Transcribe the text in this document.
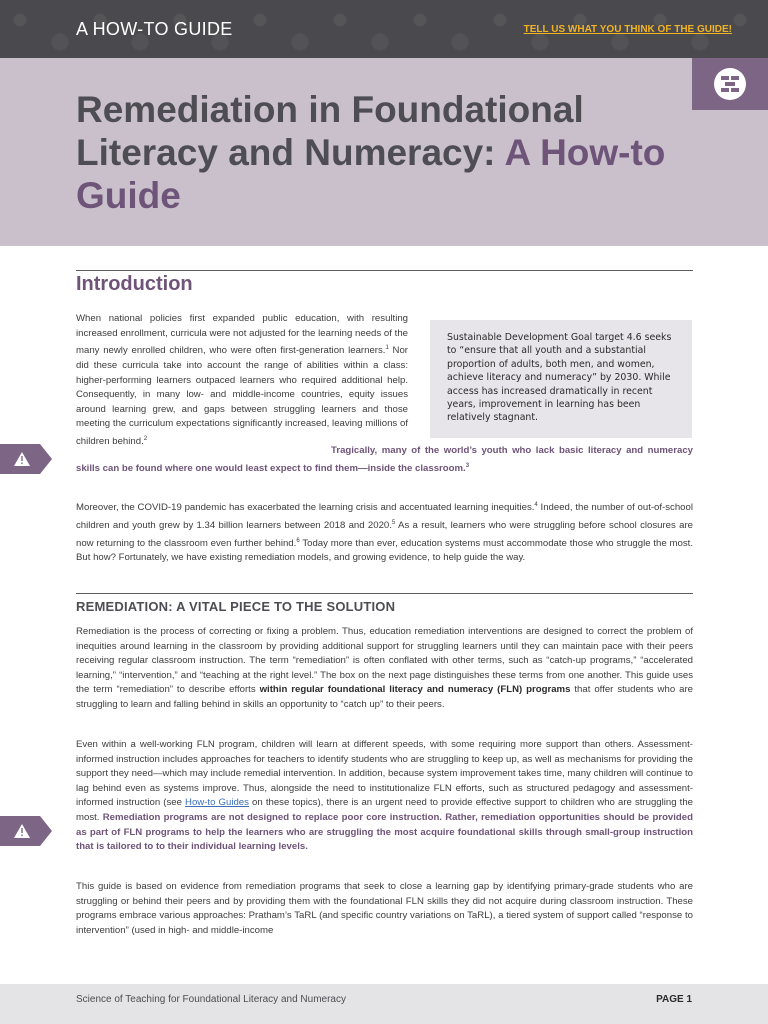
A HOW-TO GUIDE	TELL US WHAT YOU THINK OF THE GUIDE!
Remediation in Foundational Literacy and Numeracy: A How-to Guide
Introduction

When national policies first expanded public education, with resulting increased enrollment, curricula were not adjusted for the learning needs of the many newly enrolled children, who were often first-generation learners.$^1$ Nor did these curricula take into account the range of abilities within a class: higher-performing learners outpaced learners who required additional help. Consequently, in many low- and middle-income countries, equity issues around learning grew, and gaps between struggling learners and those meeting the curriculum expectations significantly increased, leaving millions of children behind.$^2$

Tragically, many of the world’s youth who lack basic literacy and numeracy skills can be found where one would least expect to find them—inside the classroom.$^3$

Sustainable Development Goal target 4.6 seeks to “ensure that all youth and a substantial proportion of adults, both men, and women, achieve literacy and numeracy” by 2030. While access has increased dramatically in recent years, improvement in learning has been relatively stagnant.

Moreover, the COVID-19 pandemic has exacerbated the learning crisis and accentuated learning inequities.$^4$ Indeed, the number of out-of-school children and youth grew by 1.34 billion learners between 2018 and 2020.$^5$ As a result, learners who were struggling before school closures are now returning to the classroom even further behind.$^6$ Today more than ever, education systems must accommodate those who struggle the most. But how? Fortunately, we have existing remediation models, and growing evidence, to help guide the way.

REMEDIATION: A VITAL PIECE TO THE SOLUTION

Remediation is the process of correcting or fixing a problem. Thus, education remediation interventions are designed to correct the problem of inequities around learning in the classroom by providing additional support for struggling learners until they can maintain pace with their peers receiving regular classroom instruction. The term “remediation” is often conflated with other terms, such as “catch-up programs,” “accelerated learning,” “intervention,” and “teaching at the right level.” The box on the next page distinguishes these terms from one another. This guide uses the term “remediation” to describe efforts within regular foundational literacy and numeracy (FLN) programs that offer students who are struggling to learn and falling behind in skills an opportunity to “catch up” to their peers.

Even within a well-working FLN program, children will learn at different speeds, with some requiring more support than others. Assessment-informed instruction includes approaches for teachers to identify students who are struggling to keep up, as well as mechanisms for providing the support they need—which may include remedial intervention. In addition, because system improvement takes time, many children will continue to lag behind even as systems improve. Thus, alongside the need to institutionalize FLN efforts, such as structured pedagogy and assessment-informed instruction (see How-to Guides on these topics), there is an urgent need to provide effective support to children who are struggling the most. Remediation programs are not designed to replace poor core instruction. Rather, remediation opportunities should be provided as part of FLN programs to help the learners who are struggling the most acquire foundational skills through small-group instruction that is tailored to to their individual learning levels.

This guide is based on evidence from remediation programs that seek to close a learning gap by identifying primary-grade students who are struggling or behind their peers and by providing them with the foundational FLN skills they did not acquire during classroom instruction. These programs embrace various approaches: Pratham’s TaRL (and specific country variations on TaRL), a tiered system of support called “response to intervention” (used in high- and middle-income

Science of Teaching for Foundational Literacy and Numeracy	PAGE 1
